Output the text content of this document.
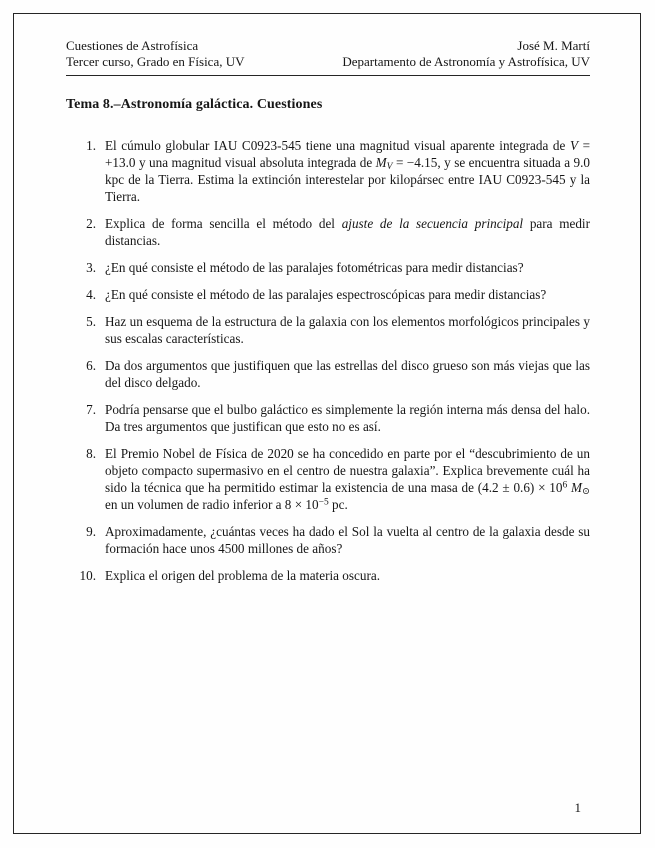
Cuestiones de Astrofísica
Tercer curso, Grado en Física, UV
José M. Martí
Departamento de Astronomía y Astrofísica, UV
Tema 8.–Astronomía galáctica. Cuestiones
1. El cúmulo globular IAU C0923-545 tiene una magnitud visual aparente integrada de V = +13.0 y una magnitud visual absoluta integrada de MV = −4.15, y se encuentra situada a 9.0 kpc de la Tierra. Estima la extinción interestelar por kilopársec entre IAU C0923-545 y la Tierra.
2. Explica de forma sencilla el método del ajuste de la secuencia principal para medir distancias.
3. ¿En qué consiste el método de las paralajes fotométricas para medir distancias?
4. ¿En qué consiste el método de las paralajes espectroscópicas para medir distancias?
5. Haz un esquema de la estructura de la galaxia con los elementos morfológicos principales y sus escalas características.
6. Da dos argumentos que justifiquen que las estrellas del disco grueso son más viejas que las del disco delgado.
7. Podría pensarse que el bulbo galáctico es simplemente la región interna más densa del halo. Da tres argumentos que justifican que esto no es así.
8. El Premio Nobel de Física de 2020 se ha concedido en parte por el “descubrimiento de un objeto compacto supermasivo en el centro de nuestra galaxia”. Explica brevemente cuál ha sido la técnica que ha permitido estimar la existencia de una masa de $(4.2 \pm 0.6) \times 10^6$ M⊙ en un volumen de radio inferior a $8 \times 10^{-5}$ pc.
9. Aproximadamente, ¿cuántas veces ha dado el Sol la vuelta al centro de la galaxia desde su formación hace unos 4500 millones de años?
10. Explica el origen del problema de la materia oscura.
1
